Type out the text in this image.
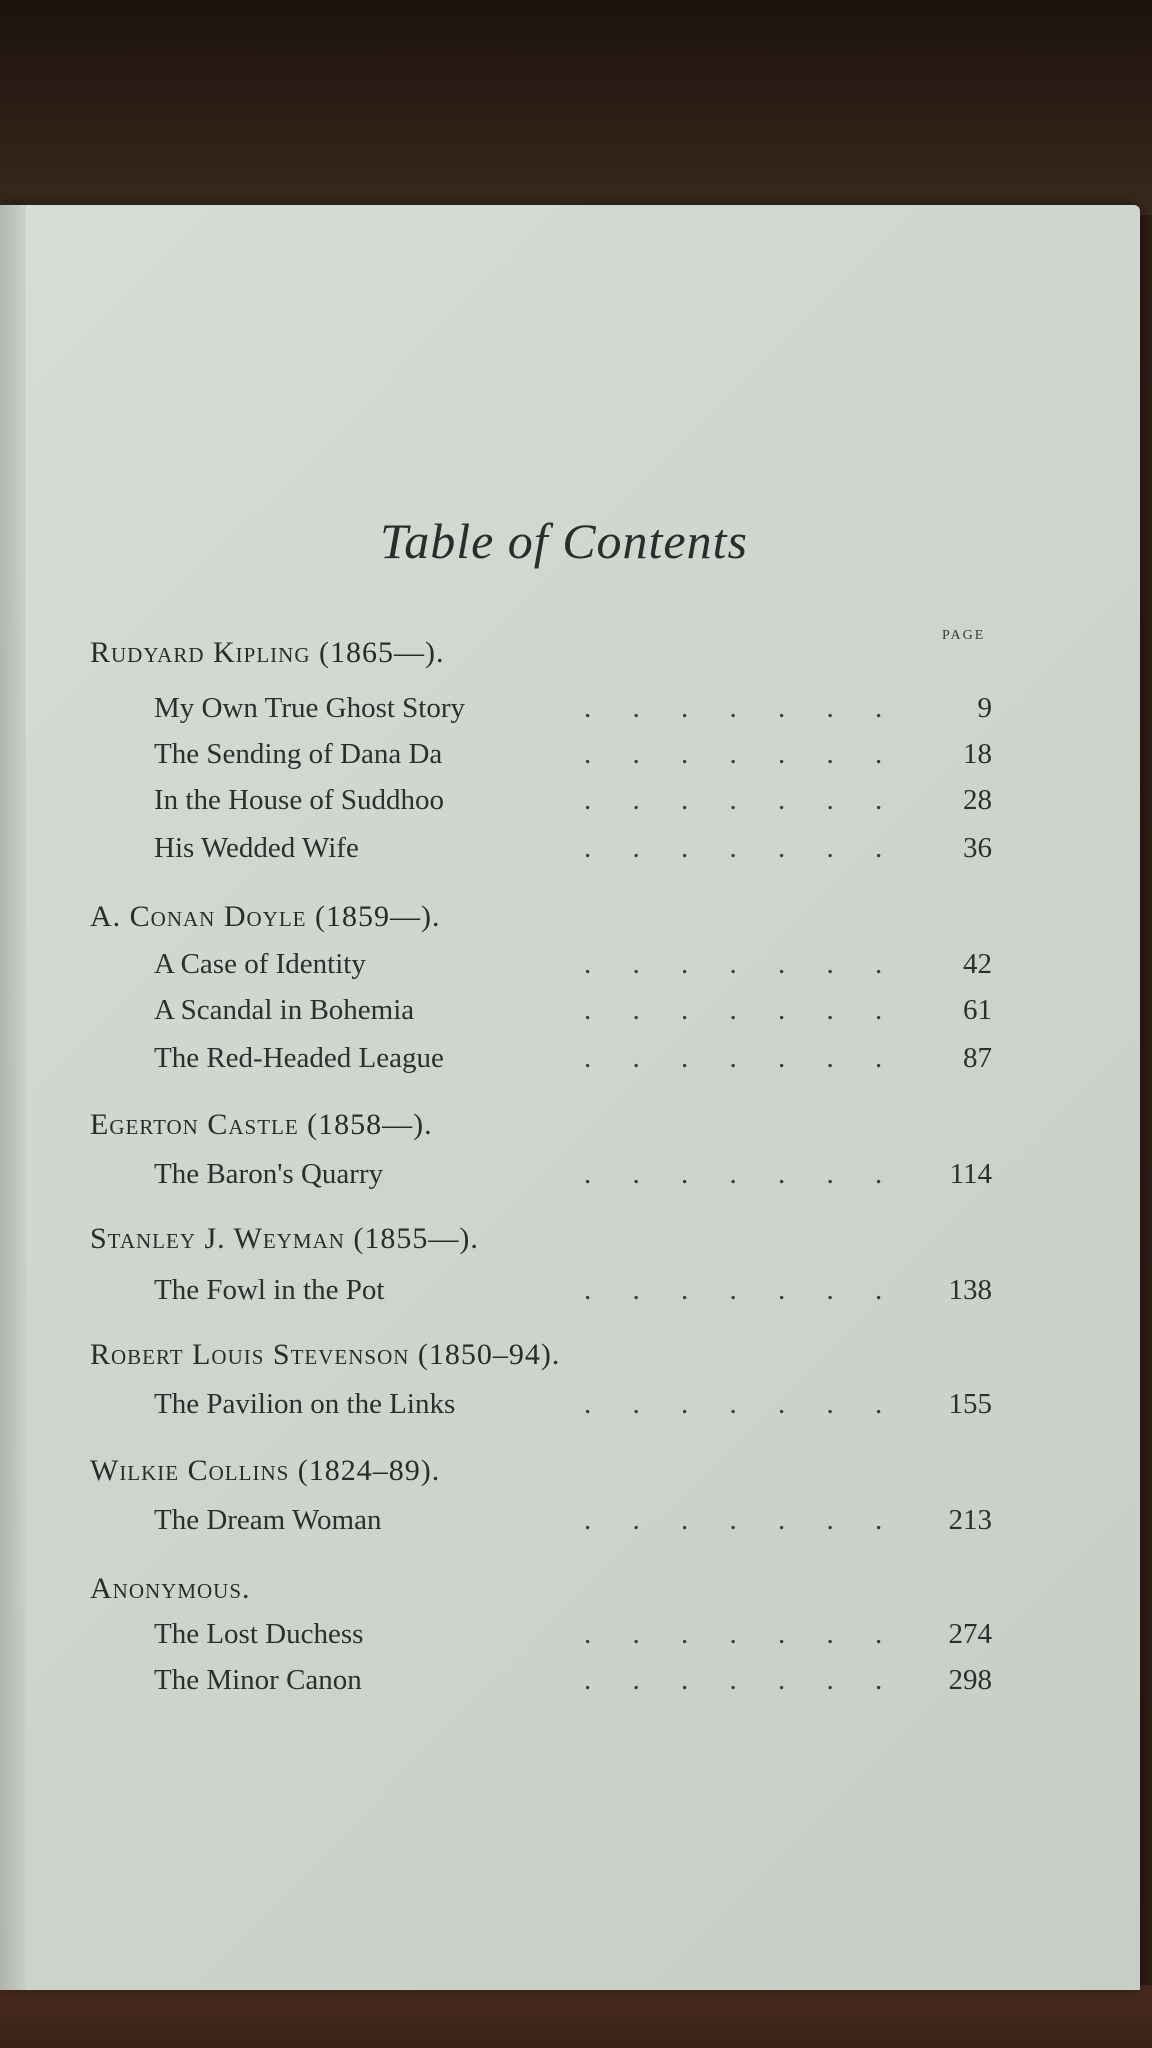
Table of Contents
PAGE
Rudyard Kipling (1865—).
My Own True Ghost Story	. . . . . . .	9
The Sending of Dana Da	. . . . . . .	18
In the House of Suddhoo	. . . . . . .	28
His Wedded Wife	. . . . . . .	36
A. Conan Doyle (1859—).
A Case of Identity	. . . . . . .	42
A Scandal in Bohemia	. . . . . . .	61
The Red-Headed League	. . . . . . .	87
Egerton Castle (1858—).
The Baron's Quarry	. . . . . . .	114
Stanley J. Weyman (1855—).
The Fowl in the Pot	. . . . . . .	138
Robert Louis Stevenson (1850–94).
The Pavilion on the Links	. . . . . . .	155
Wilkie Collins (1824–89).
The Dream Woman	. . . . . . .	213
Anonymous.
The Lost Duchess	. . . . . . .	274
The Minor Canon	. . . . . . .	298
